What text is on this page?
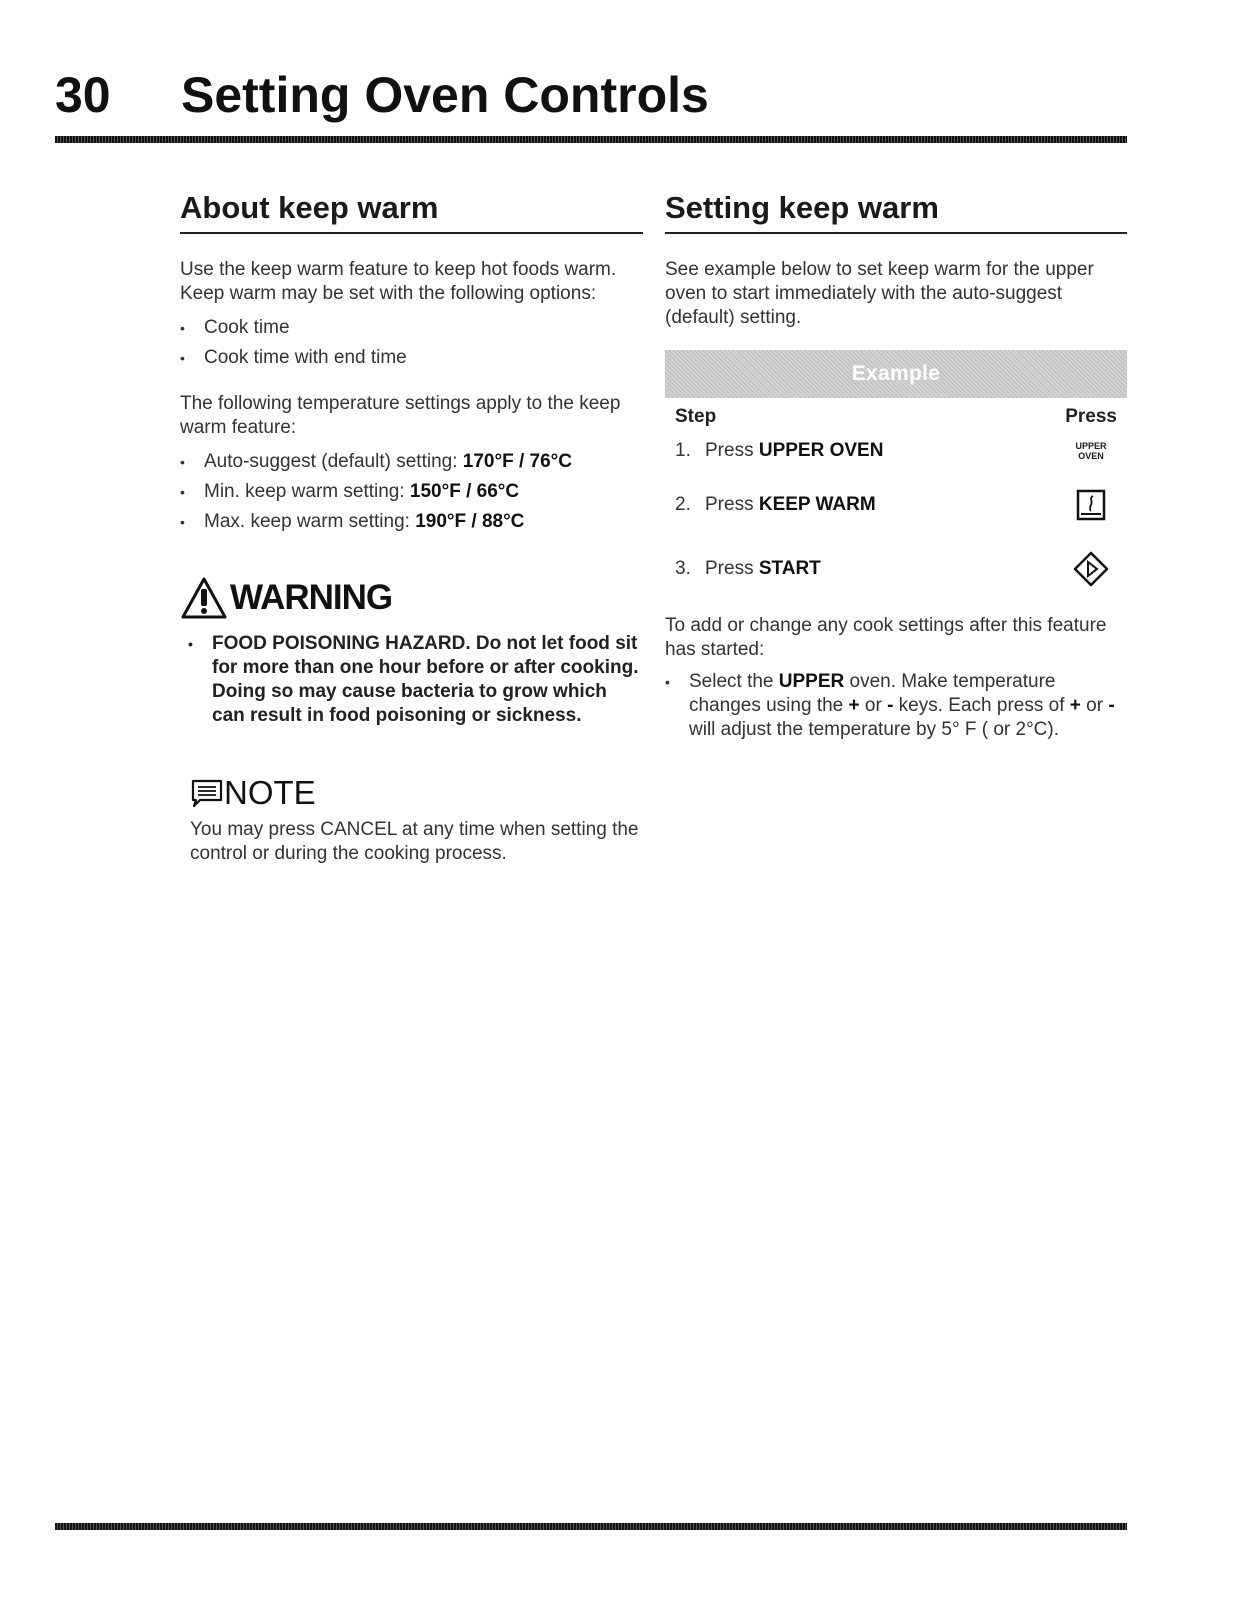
30 Setting Oven Controls
About keep warm

Use the keep warm feature to keep hot foods warm. Keep warm may be set with the following options:

• Cook time
• Cook time with end time

The following temperature settings apply to the keep warm feature:

• Auto-suggest (default) setting: 170°F / 76°C
• Min. keep warm setting: 150°F / 66°C
• Max. keep warm setting: 190°F / 88°C
WARNING
• FOOD POISONING HAZARD. Do not let food sit for more than one hour before or after cooking. Doing so may cause bacteria to grow which can result in food poisoning or sickness.
NOTE

You may press CANCEL at any time when setting the control or during the cooking process.

Setting keep warm

See example below to set keep warm for the upper oven to start immediately with the auto-suggest (default) setting.

Example
Step	Press
1. Press UPPER OVEN	UPPER
OVEN
2. Press KEEP WARM
3. Press START

To add or change any cook settings after this feature has started:

• Select the UPPER oven. Make temperature changes using the + or - keys. Each press of + or - will adjust the temperature by 5° F ( or 2°C).
